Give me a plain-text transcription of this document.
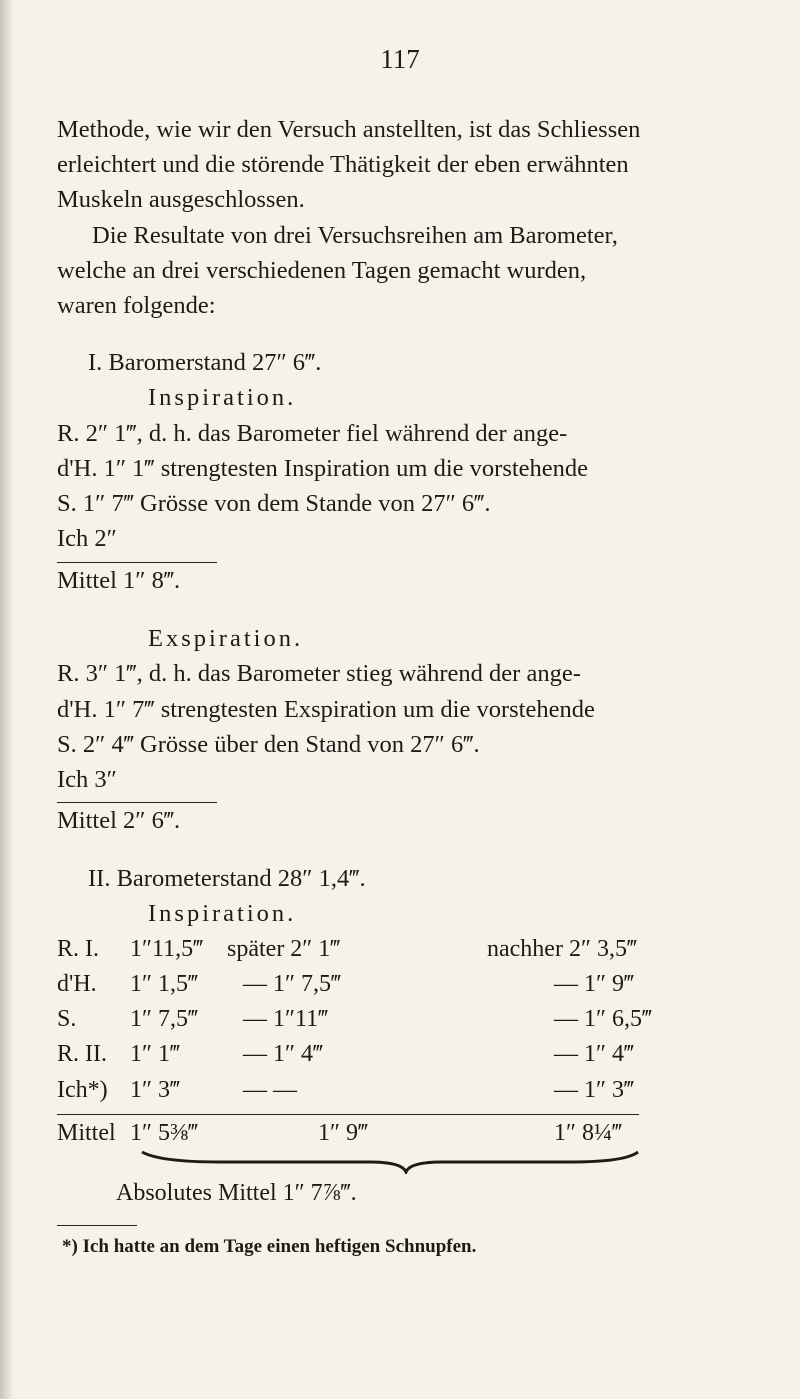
117
Methode, wie wir den Versuch anstellten, ist das Schliessen
erleichtert und die störende Thätigkeit der eben erwähnten
Muskeln ausgeschlossen.
Die Resultate von drei Versuchsreihen am Barometer,
welche an drei verschiedenen Tagen gemacht wurden,
waren folgende:
I. Baromerstand 27″ 6‴.
Inspiration.
R. 2″ 1‴, d. h. das Barometer fiel während der ange-
d'H. 1″ 1‴ strengtesten Inspiration um die vorstehende
S. 1″ 7‴ Grösse von dem Stande von 27″ 6‴.
Ich 2″
Mittel 1″ 8‴.
Exspiration.
R. 3″ 1‴, d. h. das Barometer stieg während der ange-
d'H. 1″ 7‴ strengtesten Exspiration um die vorstehende
S. 2″ 4‴ Grösse über den Stand von 27″ 6‴.
Ich 3″
Mittel 2″ 6‴.
II. Barometerstand 28″ 1,4‴.
Inspiration.
R. I. 1″11,5‴ später 2″ 1‴	nachher 2″ 3,5‴
d'H. 1″ 1,5‴ — 1″ 7,5‴	— 1″ 9‴
S. 1″ 7,5‴ — 1″11‴	— 1″ 6,5‴
R. II. 1″ 1‴	— 1″ 4‴	— 1″ 4‴
Ich*) 1″ 3‴	— —	— 1″ 3‴
Mittel 1″ 5⅜‴	1″ 9‴	1″ 8¼‴
Absolutes Mittel 1″ 7⅞‴.
*) Ich hatte an dem Tage einen heftigen Schnupfen.
